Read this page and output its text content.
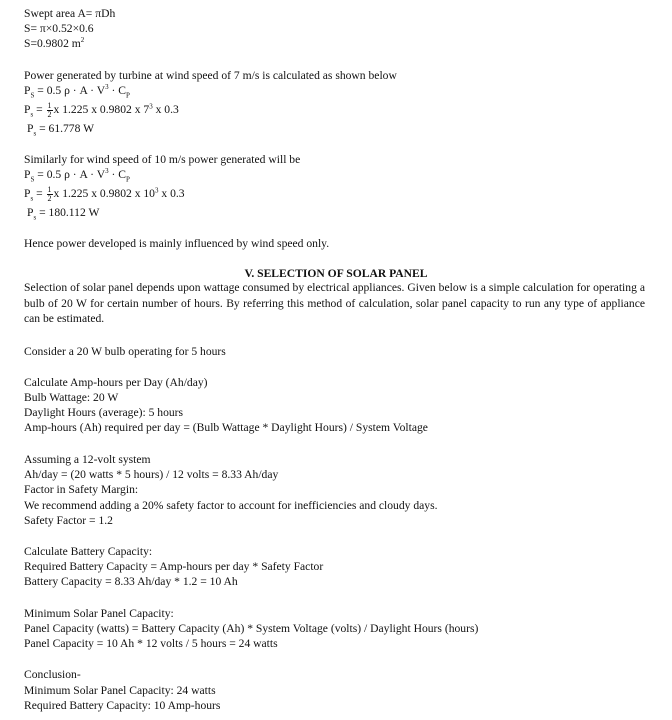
Swept area A= πDh
S= π×0.52×0.6
S=0.9802 $m^2$
Power generated by turbine at wind speed of 7 m/s is calculated as shown below
$P_S = 0.5$ $\rho \cdot A \cdot V^3 \cdot C_P$
$P_s = \frac{1}{2}$ x 1.225 x 0.9802 x $7^3$ x 0.3
$P_s = 61.778$ W
Similarly for wind speed of 10 m/s power generated will be
$P_S = 0.5$ $\rho \cdot A \cdot V^3 \cdot C_P$
$P_s = \frac{1}{2}$ x 1.225 x 0.9802 x $10^3$ x 0.3
$P_s = 180.112$ W
Hence power developed is mainly influenced by wind speed only.
V. SELECTION OF SOLAR PANEL
Selection of solar panel depends upon wattage consumed by electrical appliances. Given below is a simple calculation for operating a bulb of 20 W for certain number of hours. By referring this method of calculation, solar panel capacity to run any type of appliance can be estimated.
Consider a 20 W bulb operating for 5 hours
Calculate Amp-hours per Day (Ah/day)
Bulb Wattage: 20 W
Daylight Hours (average): 5 hours
Amp-hours (Ah) required per day = (Bulb Wattage * Daylight Hours) / System Voltage
Assuming a 12-volt system
Ah/day = (20 watts * 5 hours) / 12 volts = 8.33 Ah/day
Factor in Safety Margin:
We recommend adding a 20% safety factor to account for inefficiencies and cloudy days.
Safety Factor = 1.2
Calculate Battery Capacity:
Required Battery Capacity = Amp-hours per day * Safety Factor
Battery Capacity = 8.33 Ah/day * 1.2 = 10 Ah
Minimum Solar Panel Capacity:
Panel Capacity (watts) = Battery Capacity (Ah) * System Voltage (volts) / Daylight Hours (hours)
Panel Capacity = 10 Ah * 12 volts / 5 hours = 24 watts
Conclusion-
Minimum Solar Panel Capacity: 24 watts
Required Battery Capacity: 10 Amp-hours
